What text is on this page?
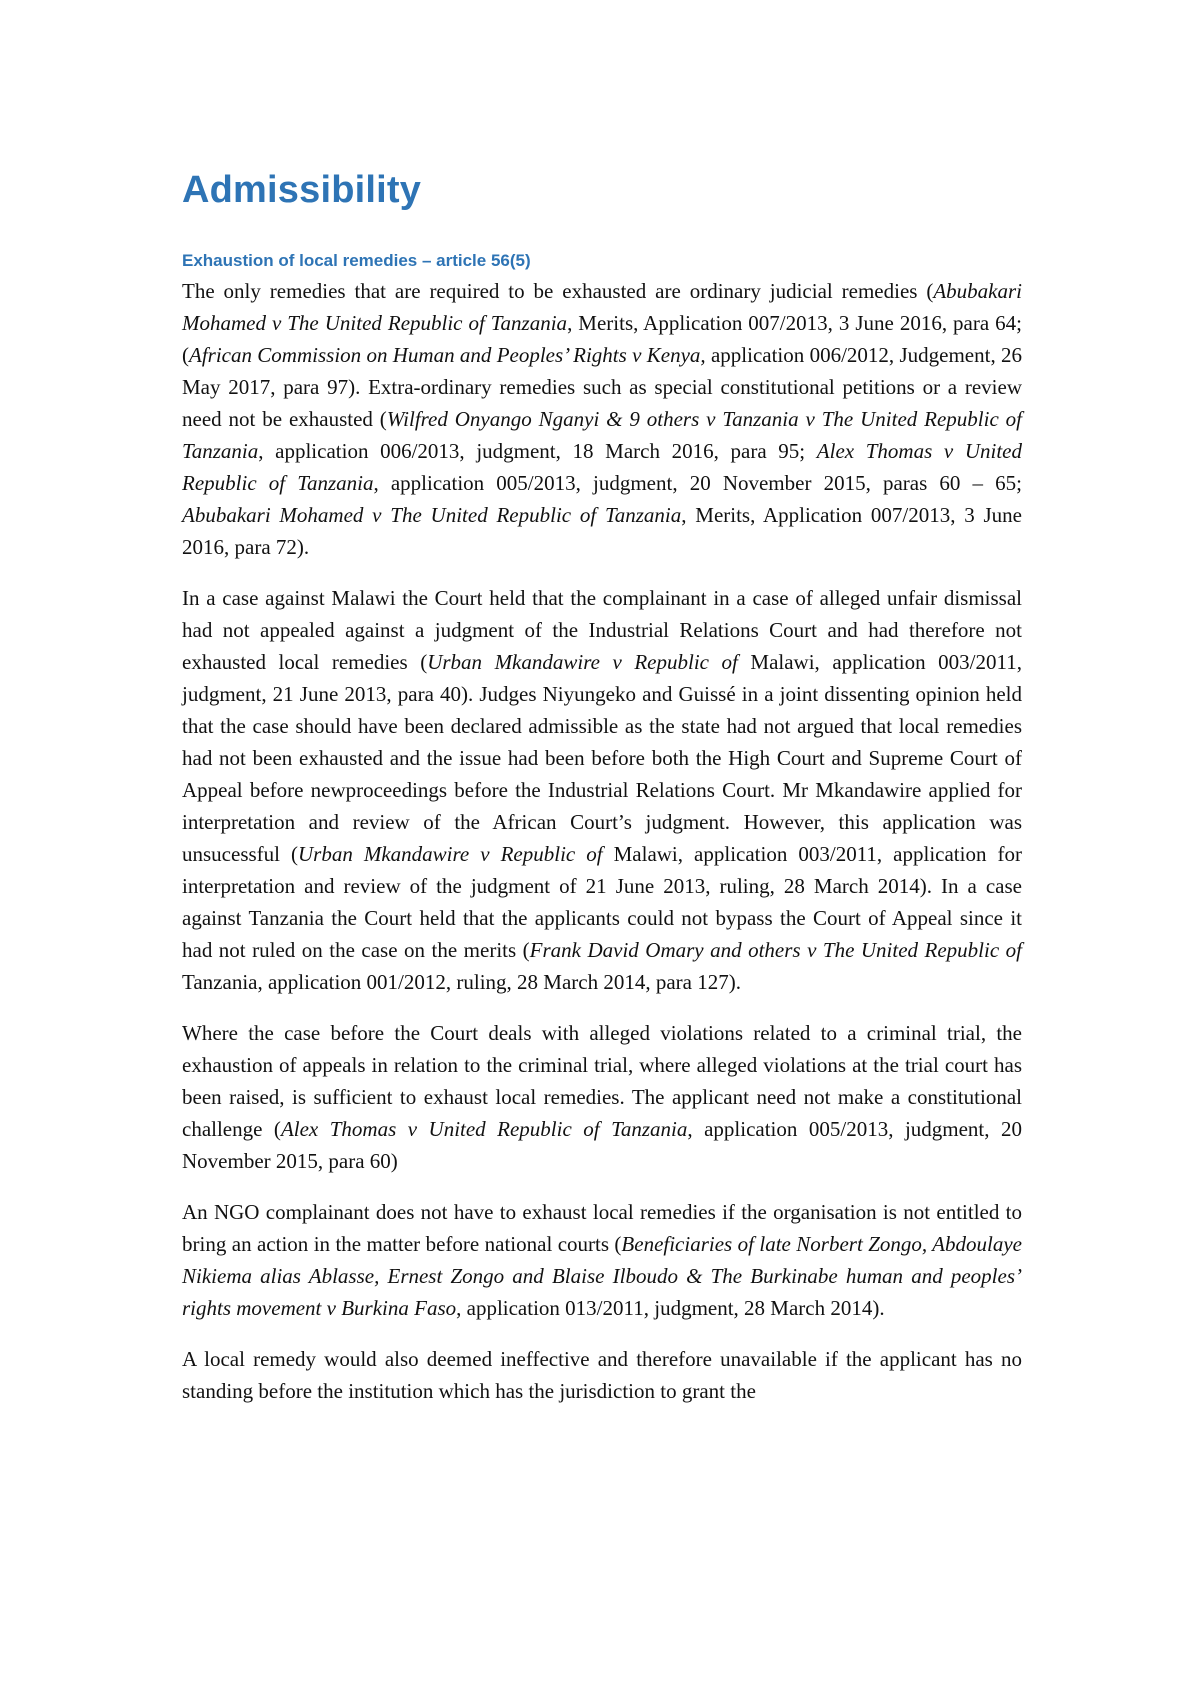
Admissibility
Exhaustion of local remedies – article 56(5)

The only remedies that are required to be exhausted are ordinary judicial remedies (Abubakari Mohamed v The United Republic of Tanzania, Merits, Application 007/2013, 3 June 2016, para 64; (African Commission on Human and Peoples’ Rights v Kenya, application 006/2012, Judgement, 26 May 2017, para 97). Extra-ordinary remedies such as special constitutional petitions or a review need not be exhausted (Wilfred Onyango Nganyi & 9 others v Tanzania v The United Republic of Tanzania, application 006/2013, judgment, 18 March 2016, para 95; Alex Thomas v United Republic of Tanzania, application 005/2013, judgment, 20 November 2015, paras 60 – 65; Abubakari Mohamed v The United Republic of Tanzania, Merits, Application 007/2013, 3 June 2016, para 72).

In a case against Malawi the Court held that the complainant in a case of alleged unfair dismissal had not appealed against a judgment of the Industrial Relations Court and had therefore not exhausted local remedies (Urban Mkandawire v Republic of Malawi, application 003/2011, judgment, 21 June 2013, para 40). Judges Niyungeko and Guissé in a joint dissenting opinion held that the case should have been declared admissible as the state had not argued that local remedies had not been exhausted and the issue had been before both the High Court and Supreme Court of Appeal before newproceedings before the Industrial Relations Court. Mr Mkandawire applied for interpretation and review of the African Court’s judgment. However, this application was unsucessful (Urban Mkandawire v Republic of Malawi, application 003/2011, application for interpretation and review of the judgment of 21 June 2013, ruling, 28 March 2014). In a case against Tanzania the Court held that the applicants could not bypass the Court of Appeal since it had not ruled on the case on the merits (Frank David Omary and others v The United Republic of Tanzania, application 001/2012, ruling, 28 March 2014, para 127).

Where the case before the Court deals with alleged violations related to a criminal trial, the exhaustion of appeals in relation to the criminal trial, where alleged violations at the trial court has been raised, is sufficient to exhaust local remedies. The applicant need not make a constitutional challenge (Alex Thomas v United Republic of Tanzania, application 005/2013, judgment, 20 November 2015, para 60)

An NGO complainant does not have to exhaust local remedies if the organisation is not entitled to bring an action in the matter before national courts (Beneficiaries of late Norbert Zongo, Abdoulaye Nikiema alias Ablasse, Ernest Zongo and Blaise Ilboudo & The Burkinabe human and peoples’ rights movement v Burkina Faso, application 013/2011, judgment, 28 March 2014).

A local remedy would also deemed ineffective and therefore unavailable if the applicant has no standing before the institution which has the jurisdiction to grant the
